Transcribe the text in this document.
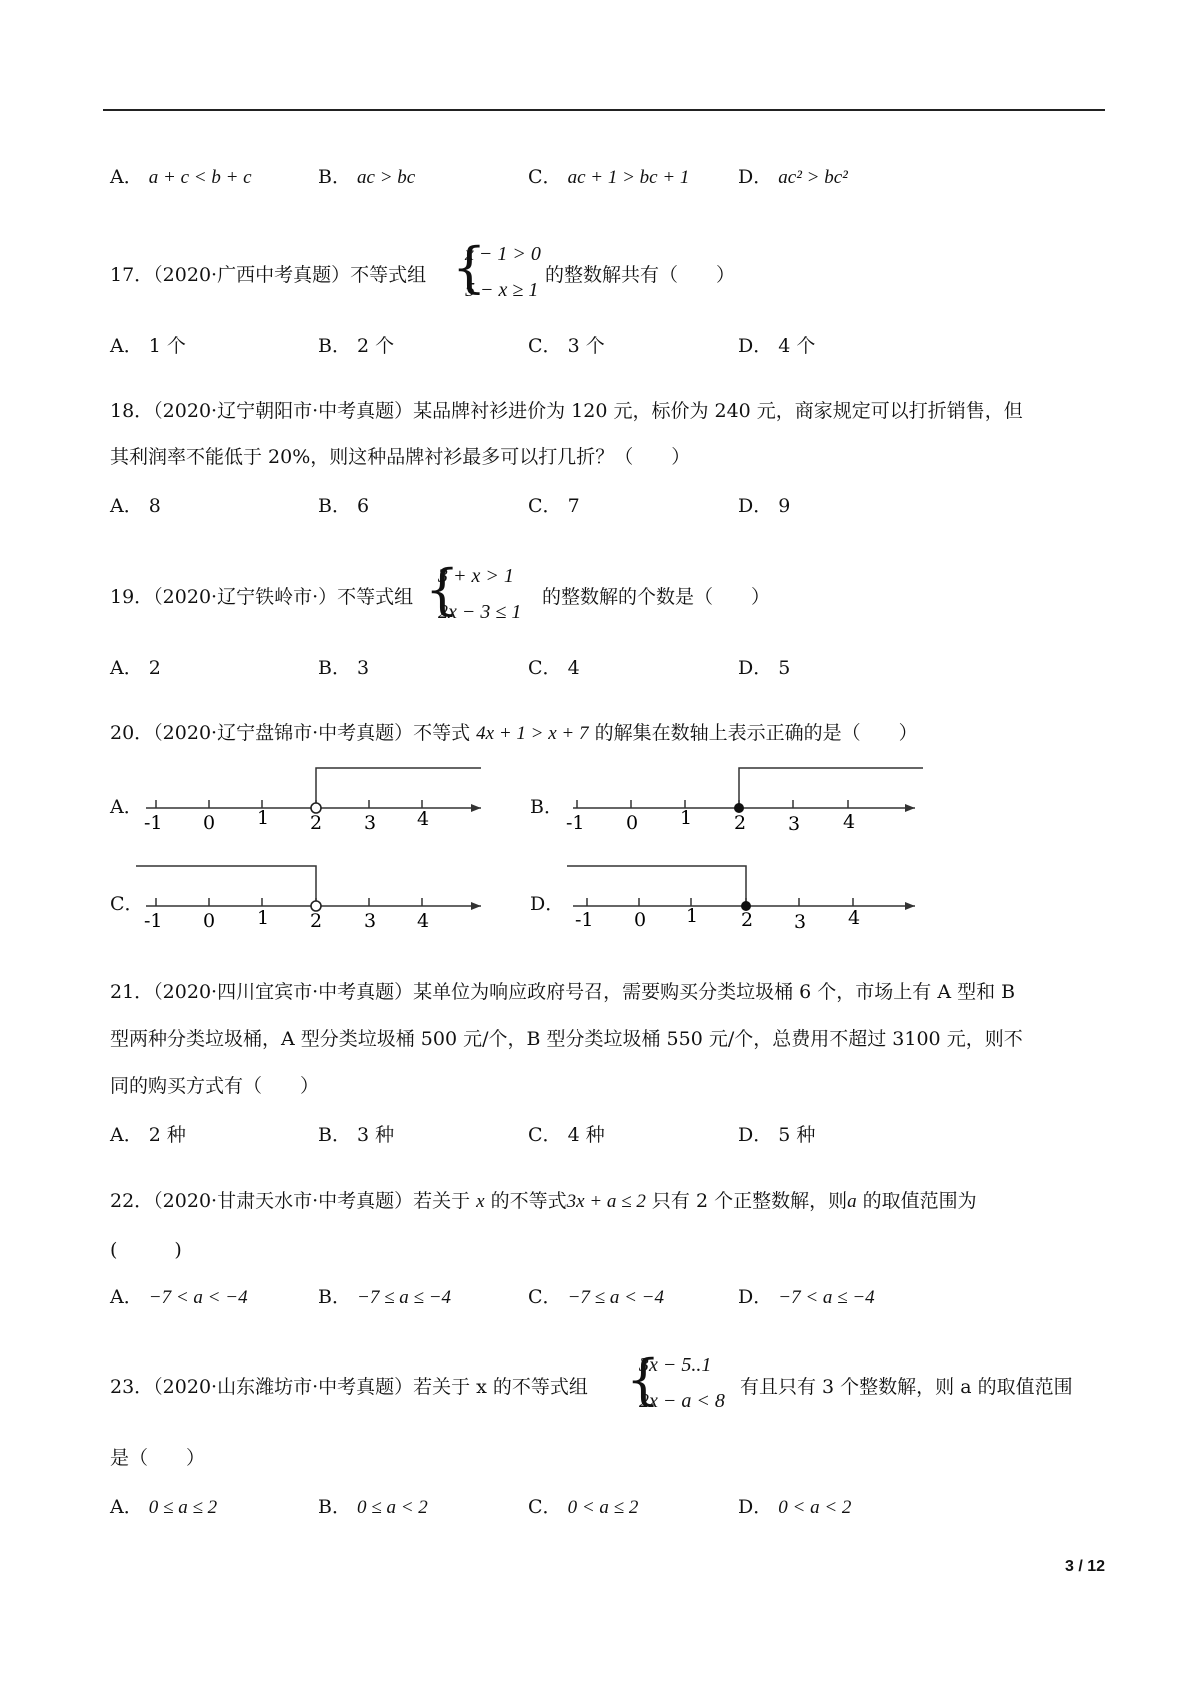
A． a + c < b + c	B． ac > bc	C． ac + 1 > bc + 1	D． ac² > bc²
17．（2020·广西中考真题）不等式组 {
x − 1 > 0
5 − x ≥ 1
的整数解共有（　　）
A． 1 个	B． 2 个	C． 3 个	D． 4 个
18．（2020·辽宁朝阳市·中考真题）某品牌衬衫进价为 120 元，标价为 240 元，商家规定可以打折销售，但
其利润率不能低于 20%，则这种品牌衬衫最多可以打几折？（　　）
A． 8	B． 6	C． 7	D． 9
19．（2020·辽宁铁岭市·）不等式组 {
3 + x > 1
2x − 3 ≤ 1
的整数解的个数是（　　）
A． 2	B． 3	C． 4	D． 5
20．（2020·辽宁盘锦市·中考真题）不等式 4x + 1 > x + 7 的解集在数轴上表示正确的是（　　）
A．
-1 0 1 2 3 4
B．
-1 0 1 2 3 4
C．
-1 0 1 2 3 4
D．
-1 0 1 2 3 4
21．（2020·四川宜宾市·中考真题）某单位为响应政府号召，需要购买分类垃圾桶 6 个，市场上有 A 型和 B
型两种分类垃圾桶，A 型分类垃圾桶 500 元/个，B 型分类垃圾桶 550 元/个，总费用不超过 3100 元，则不
同的购买方式有（　　）
A． 2 种	B． 3 种	C． 4 种	D． 5 种
22．（2020·甘肃天水市·中考真题）若关于 x 的不等式3x + a ≤ 2 只有 2 个正整数解，则a 的取值范围为
(　　　)
A． −7 < a < −4	B． −7 ≤ a ≤ −4	C． −7 ≤ a < −4	D． −7 < a ≤ −4
23．（2020·山东潍坊市·中考真题）若关于 x 的不等式组 {
3x − 5..1
2x − a < 8
有且只有 3 个整数解，则 a 的取值范围
是（　　）
A． 0 ≤ a ≤ 2	B． 0 ≤ a < 2	C． 0 < a ≤ 2	D． 0 < a < 2
3 / 12
